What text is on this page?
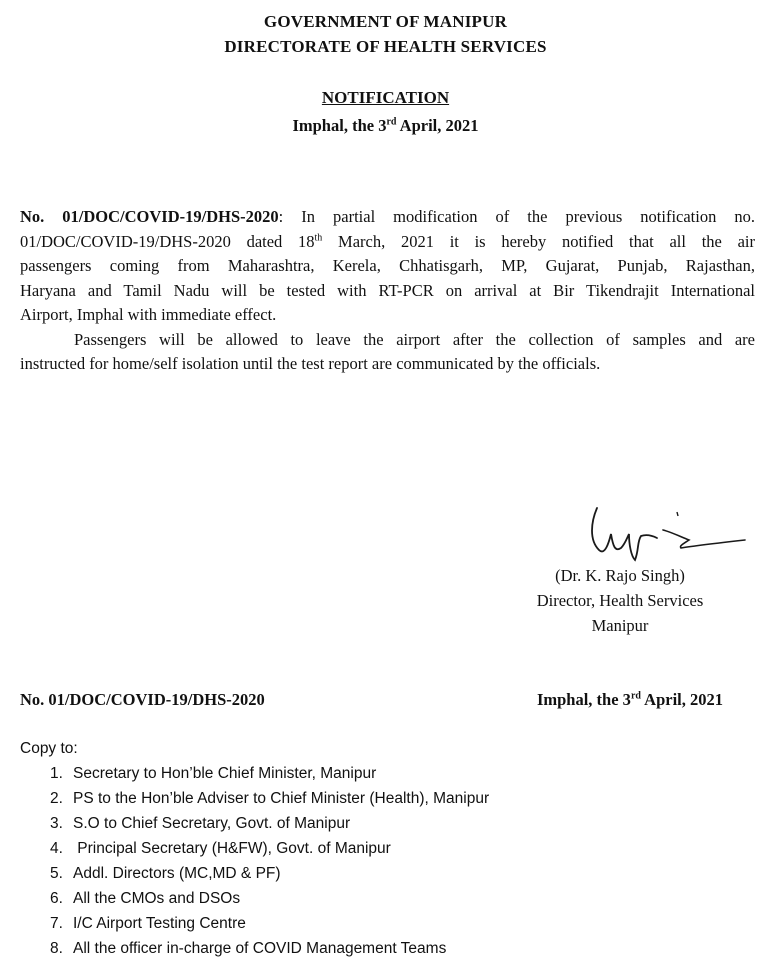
GOVERNMENT OF MANIPUR
DIRECTORATE OF HEALTH SERVICES
NOTIFICATION
Imphal, the 3rd April, 2021
No. 01/DOC/COVID-19/DHS-2020: In partial modification of the previous notification no.
01/DOC/COVID-19/DHS-2020 dated 18th March, 2021 it is hereby notified that all the air
passengers coming from Maharashtra, Kerela, Chhatisgarh, MP, Gujarat, Punjab, Rajasthan,
Haryana and Tamil Nadu will be tested with RT-PCR on arrival at Bir Tikendrajit International
Airport, Imphal with immediate effect.
Passengers will be allowed to leave the airport after the collection of samples and are
instructed for home/self isolation until the test report are communicated by the officials.
(Dr. K. Rajo Singh)
Director, Health Services
Manipur
No. 01/DOC/COVID-19/DHS-2020	Imphal, the 3rd April, 2021
Copy to:
1. Secretary to Hon’ble Chief Minister, Manipur
2. PS to the Hon’ble Adviser to Chief Minister (Health), Manipur
3. S.O to Chief Secretary, Govt. of Manipur
4. Principal Secretary (H&FW), Govt. of Manipur
5. Addl. Directors (MC,MD & PF)
6. All the CMOs and DSOs
7. I/C Airport Testing Centre
8. All the officer in-charge of COVID Management Teams
